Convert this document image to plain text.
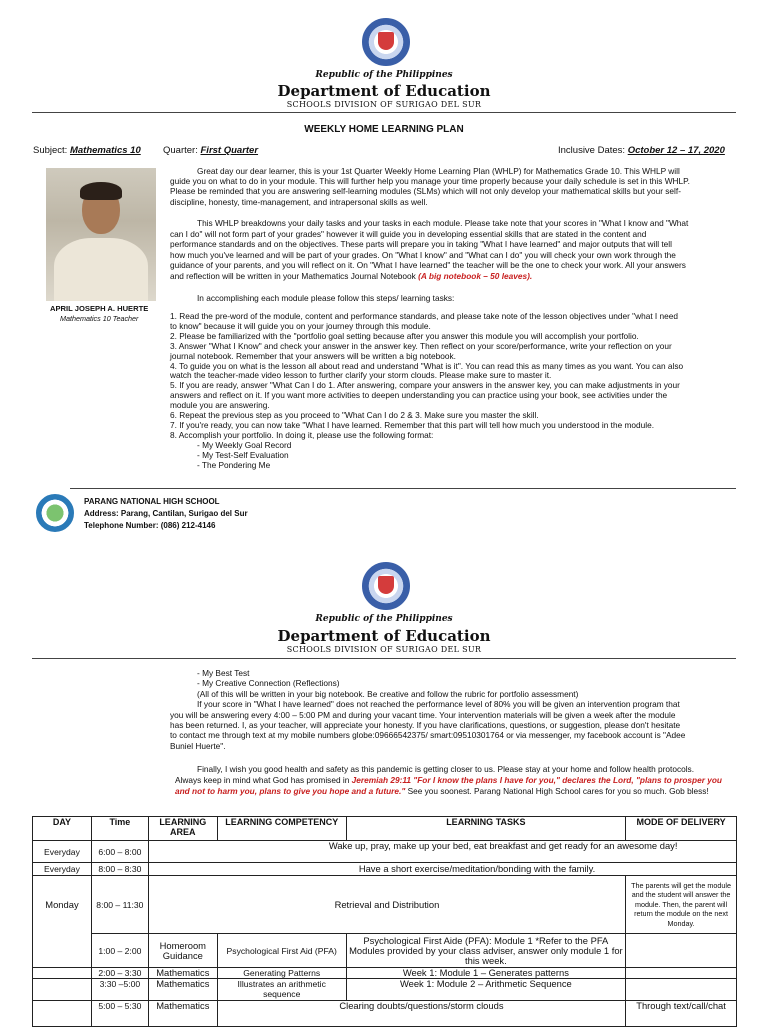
Republic of the Philippines
Department of Education
SCHOOLS DIVISION OF SURIGAO DEL SUR
WEEKLY HOME LEARNING PLAN
Subject: Mathematics 10 Quarter: First Quarter	Inclusive Dates: October 12 – 17, 2020
APRIL JOSEPH A. HUERTE
Mathematics 10 Teacher
Great day our dear learner, this is your 1st Quarter Weekly Home Learning Plan (WHLP) for Mathematics Grade 10. This WHLP will
guide you on what to do in your module. This will further help you manage your time properly because your daily schedule is set in this WHLP.
Please be reminded that you are answering self-learning modules (SLMs) which will not only develop your mathematical skills but your self-
discipline, honesty, time-management, and intrapersonal skills as well.
This WHLP breakdowns your daily tasks and your tasks in each module. Please take note that your scores in "What I know and "What
can I do" will not form part of your grades" however it will guide you in developing essential skills that are stated in the content and
performance standards and on the objectives. These parts will prepare you in taking "What I have learned" and major outputs that will tell
how much you've learned and will be part of your grades. On "What I know" and "What can I do" you will check your own work through the
guidance of your parents, and you will reflect on it. On "What I have learned" the teacher will be the one to check your work. All your answers
and reflection will be written in your Mathematics Journal Notebook (A big notebook – 50 leaves).
In accomplishing each module please follow this steps/ learning tasks:
1. Read the pre-word of the module, content and performance standards, and please take note of the lesson objectives under "what I need
to know" because it will guide you on your journey through this module.
2. Please be familiarized with the "portfolio goal setting because after you answer this module you will accomplish your portfolio.
3. Answer "What I Know" and check your answer in the answer key. Then reflect on your score/performance, write your reflection on your
journal notebook. Remember that your answers will be written a big notebook.
4. To guide you on what is the lesson all about read and understand "What is it". You can read this as many times as you want. You can also
watch the teacher-made video lesson to further clarify your storm clouds. Please make sure to master it.
5. If you are ready, answer "What Can I do 1. After answering, compare your answers in the answer key, you can make adjustments in your
answers and reflect on it. If you want more activities to deepen understanding you can practice using your book, see activities under the
module you are answering.
6. Repeat the previous step as you proceed to "What Can I do 2 & 3. Make sure you master the skill.
7. If you're ready, you can now take "What I have learned. Remember that this part will tell how much you understood in the module.
8. Accomplish your portfolio. In doing it, please use the following format:
- My Weekly Goal Record
- My Test-Self Evaluation
- The Pondering Me
PARANG NATIONAL HIGH SCHOOL
Address: Parang, Cantilan, Surigao del Sur
Telephone Number: (086) 212-4146
Republic of the Philippines
Department of Education
SCHOOLS DIVISION OF SURIGAO DEL SUR
- My Best Test
- My Creative Connection (Reflections)
(All of this will be written in your big notebook. Be creative and follow the rubric for portfolio assessment)
If your score in "What I have learned" does not reached the performance level of 80% you will be given an intervention program that
you will be answering every 4:00 – 5:00 PM and during your vacant time. Your intervention materials will be given a week after the module
has been returned. I, as your teacher, will appreciate your honesty. If you have clarifications, questions, or suggestion, please don't hesitate
to contact me through text at my mobile numbers globe:09666542375/ smart:09510301764 or via messenger, my facebook account is "Adee
Buniel Huerte".
Finally, I wish you good health and safety as this pandemic is getting closer to us. Please stay at your home and follow health protocols.
Always keep in mind what God has promised in Jeremiah 29:11 "For I know the plans I have for you," declares the Lord, "plans to prosper you and not to harm you, plans to give you hope and a future." See you soonest. Parang National High School cares for you so much. Gob bless!
DAY	Time	LEARNING AREA	LEARNING COMPETENCY	LEARNING TASKS	MODE OF DELIVERY
Everyday	6:00 – 8:00	Wake up, pray, make up your bed, eat breakfast and get ready for an awesome day!			
Everyday	8:00 – 8:30	Have a short exercise/meditation/bonding with the family.			
Monday	8:00 – 11:30	Retrieval and Distribution			The parents will get the module and the student will answer the module. Then, the parent will return the module on the next Monday.
	1:00 – 2:00	Homeroom Guidance	Psychological First Aid (PFA)	Psychological First Aide (PFA): Module 1 *Refer to the PFA Modules provided by your class adviser, answer only module 1 for this week.	
	2:00 – 3:30	Mathematics	Generating Patterns	Week 1: Module 1 – Generates patterns	
	3:30 –5:00	Mathematics	Illustrates an arithmetic sequence	Week 1: Module 2 – Arithmetic Sequence	
	5:00 – 5:30	Mathematics	Clearing doubts/questions/storm clouds		Through text/call/chat
